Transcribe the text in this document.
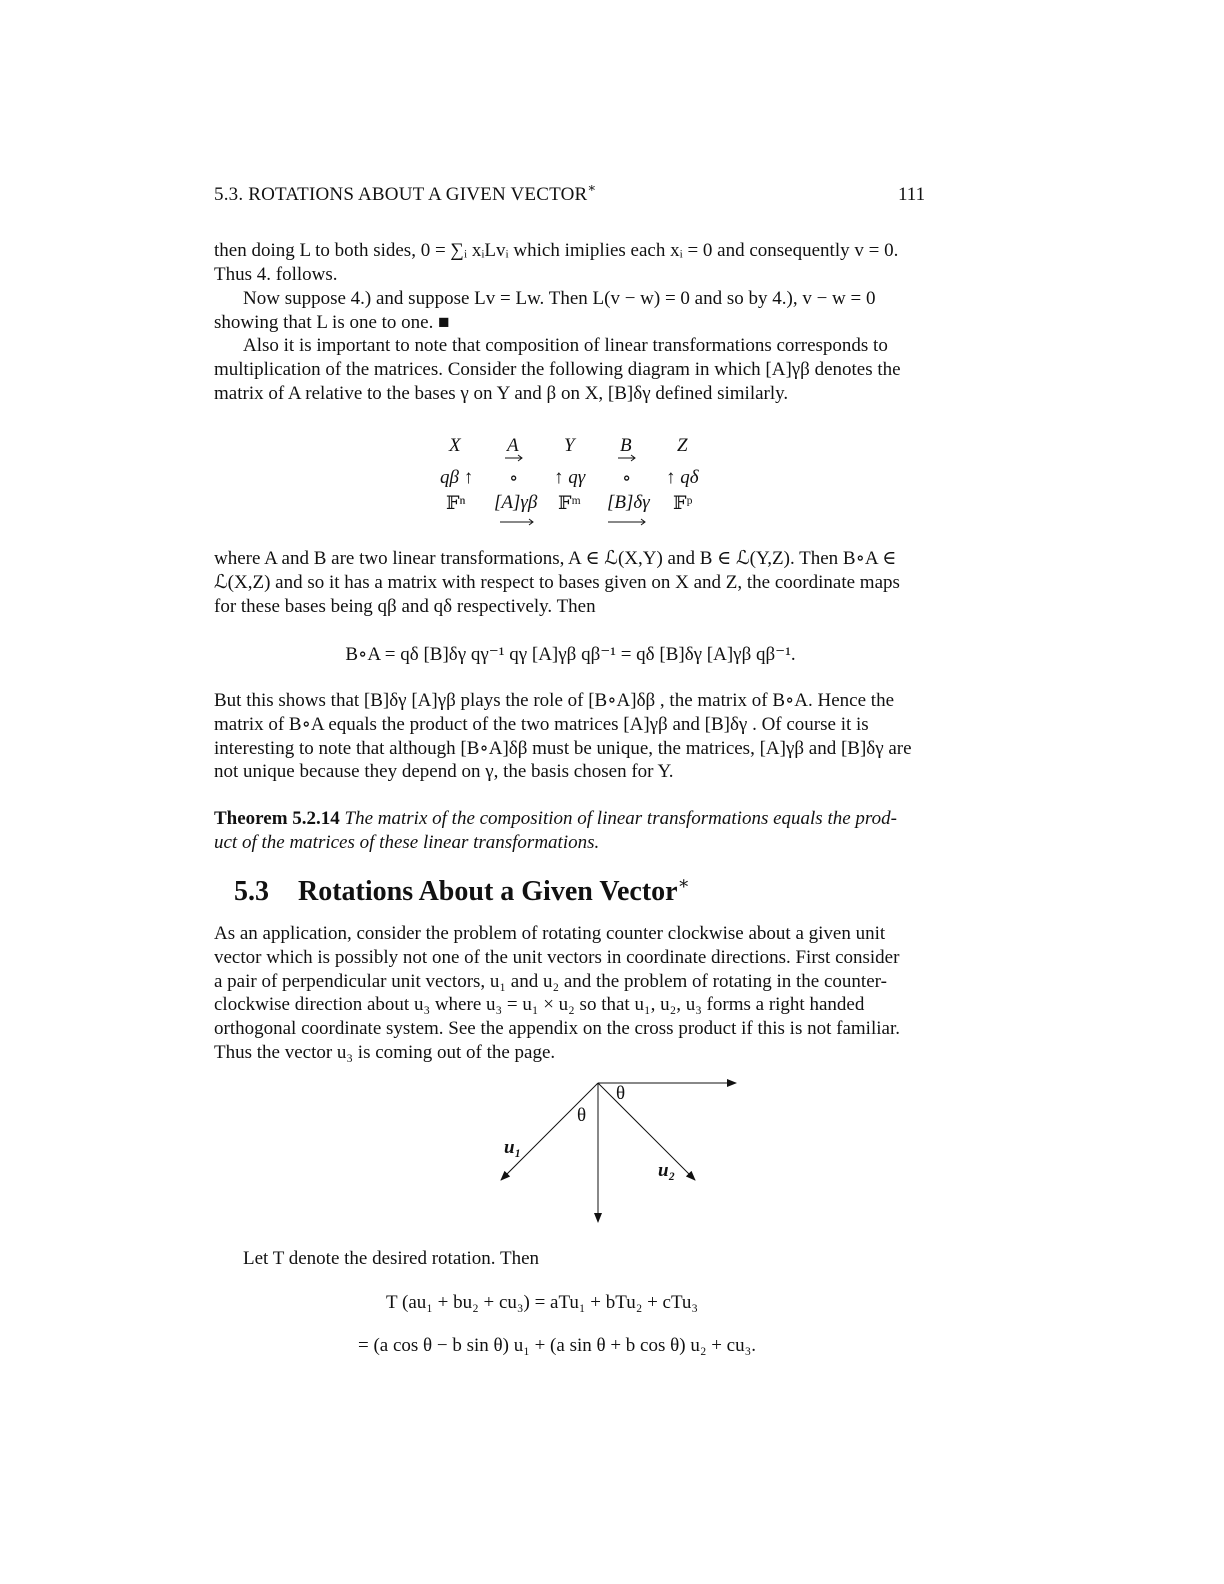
5.3. ROTATIONS ABOUT A GIVEN VECTOR∗	111
then doing L to both sides, 0 = ∑ᵢ xᵢLvᵢ which imiplies each xᵢ = 0 and consequently v = 0.
Thus 4. follows.
Now suppose 4.) and suppose Lv = Lw. Then L(v − w) = 0 and so by 4.), v − w = 0
showing that L is one to one. ■
Also it is important to note that composition of linear transformations corresponds to
multiplication of the matrices. Consider the following diagram in which [A]γβ denotes the
matrix of A relative to the bases γ on Y and β on X, [B]δγ defined similarly.
X A Y B Z
qβ ↑ ∘ ↑ qγ ∘ ↑ qδ
𝔽ⁿ [A]γβ 𝔽ᵐ [B]δγ 𝔽ᵖ
where A and B are two linear transformations, A ∈ ℒ(X,Y) and B ∈ ℒ(Y,Z). Then B∘A ∈
ℒ(X,Z) and so it has a matrix with respect to bases given on X and Z, the coordinate maps
for these bases being qβ and qδ respectively. Then
B∘A = qδ [B]δγ qγ⁻¹ qγ [A]γβ qβ⁻¹ = qδ [B]δγ [A]γβ qβ⁻¹.
But this shows that [B]δγ [A]γβ plays the role of [B∘A]δβ , the matrix of B∘A. Hence the
matrix of B∘A equals the product of the two matrices [A]γβ and [B]δγ . Of course it is
interesting to note that although [B∘A]δβ must be unique, the matrices, [A]γβ and [B]δγ are
not unique because they depend on γ, the basis chosen for Y.
Theorem 5.2.14 The matrix of the composition of linear transformations equals the prod-
uct of the matrices of these linear transformations.
5.3 Rotations About a Given Vector∗
As an application, consider the problem of rotating counter clockwise about a given unit
vector which is possibly not one of the unit vectors in coordinate directions. First consider
a pair of perpendicular unit vectors, u₁ and u₂ and the problem of rotating in the counter-
clockwise direction about u₃ where u₃ = u₁ × u₂ so that u₁, u₂, u₃ forms a right handed
orthogonal coordinate system. See the appendix on the cross product if this is not familiar.
Thus the vector u₃ is coming out of the page.
θ
θ
u₁
u₂
Let T denote the desired rotation. Then
T (au₁ + bu₂ + cu₃) = aTu₁ + bTu₂ + cTu₃
= (a cos θ − b sin θ) u₁ + (a sin θ + b cos θ) u₂ + cu₃.
